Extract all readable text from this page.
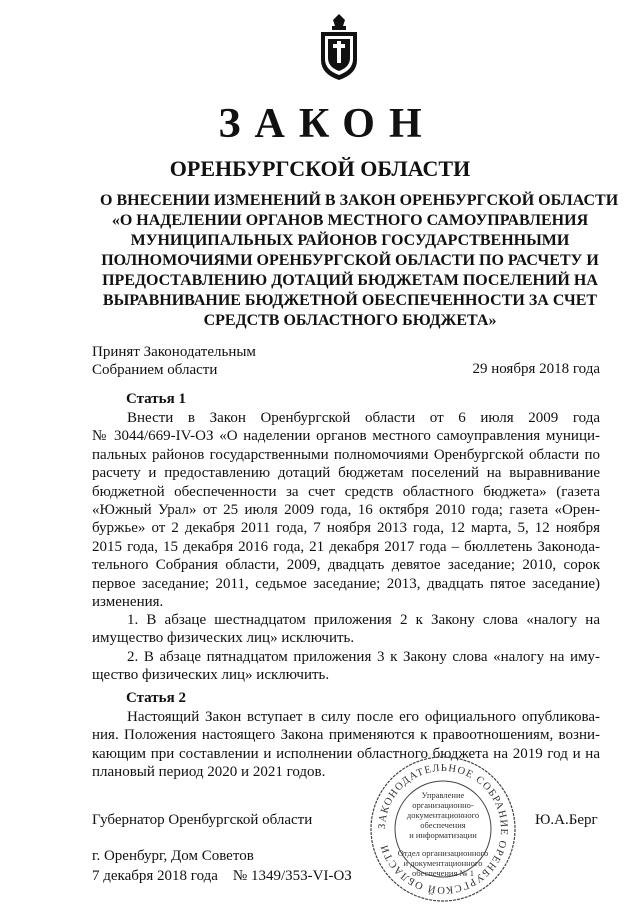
ЗАКОН
ОРЕНБУРГСКОЙ ОБЛАСТИ
О ВНЕСЕНИИ ИЗМЕНЕНИЙ В ЗАКОН ОРЕНБУРГСКОЙ ОБЛАСТИ
«О НАДЕЛЕНИИ ОРГАНОВ МЕСТНОГО САМОУПРАВЛЕНИЯ
МУНИЦИПАЛЬНЫХ РАЙОНОВ ГОСУДАРСТВЕННЫМИ
ПОЛНОМОЧИЯМИ ОРЕНБУРГСКОЙ ОБЛАСТИ ПО РАСЧЕТУ И
ПРЕДОСТАВЛЕНИЮ ДОТАЦИЙ БЮДЖЕТАМ ПОСЕЛЕНИЙ НА
ВЫРАВНИВАНИЕ БЮДЖЕТНОЙ ОБЕСПЕЧЕННОСТИ ЗА СЧЕТ
СРЕДСТВ ОБЛАСТНОГО БЮДЖЕТА»
Принят Законодательным
Собранием области	29 ноября 2018 года
Статья 1
Внести в Закон Оренбургской области от 6 июля 2009 года
№ 3044/669-IV-ОЗ «О наделении органов местного самоуправления муници-
пальных районов государственными полномочиями Оренбургской области по
расчету и предоставлению дотаций бюджетам поселений на выравнивание
бюджетной обеспеченности за счет средств областного бюджета» (газета
«Южный Урал» от 25 июля 2009 года, 16 октября 2010 года; газета «Орен-
буржье» от 2 декабря 2011 года, 7 ноября 2013 года, 12 марта, 5, 12 ноября
2015 года, 15 декабря 2016 года, 21 декабря 2017 года – бюллетень Законода-
тельного Собрания области, 2009, двадцать девятое заседание; 2010, сорок
первое заседание; 2011, седьмое заседание; 2013, двадцать пятое заседание)
изменения.
1. В абзаце шестнадцатом приложения 2 к Закону слова «налогу на
имущество физических лиц» исключить.
2. В абзаце пятнадцатом приложения 3 к Закону слова «налогу на иму-
щество физических лиц» исключить.
Статья 2
Настоящий Закон вступает в силу после его официального опубликова-
ния. Положения настоящего Закона применяются к правоотношениям, возни-
кающим при составлении и исполнении областного бюджета на 2019 год и на
плановый период 2020 и 2021 годов.
ЗАКОНОДАТЕЛЬНОЕ СОБРАНИЕ ОРЕНБУРГСКОЙ ОБЛАСТИ
Управление
организационно-
документационного
обеспечения
и информатизации
Отдел организационного
и документационного
обеспечения № 1
Губернатор Оренбургской области	Ю.А.Берг
г. Оренбург, Дом Советов
7 декабря 2018 года    № 1349/353-VI-ОЗ
